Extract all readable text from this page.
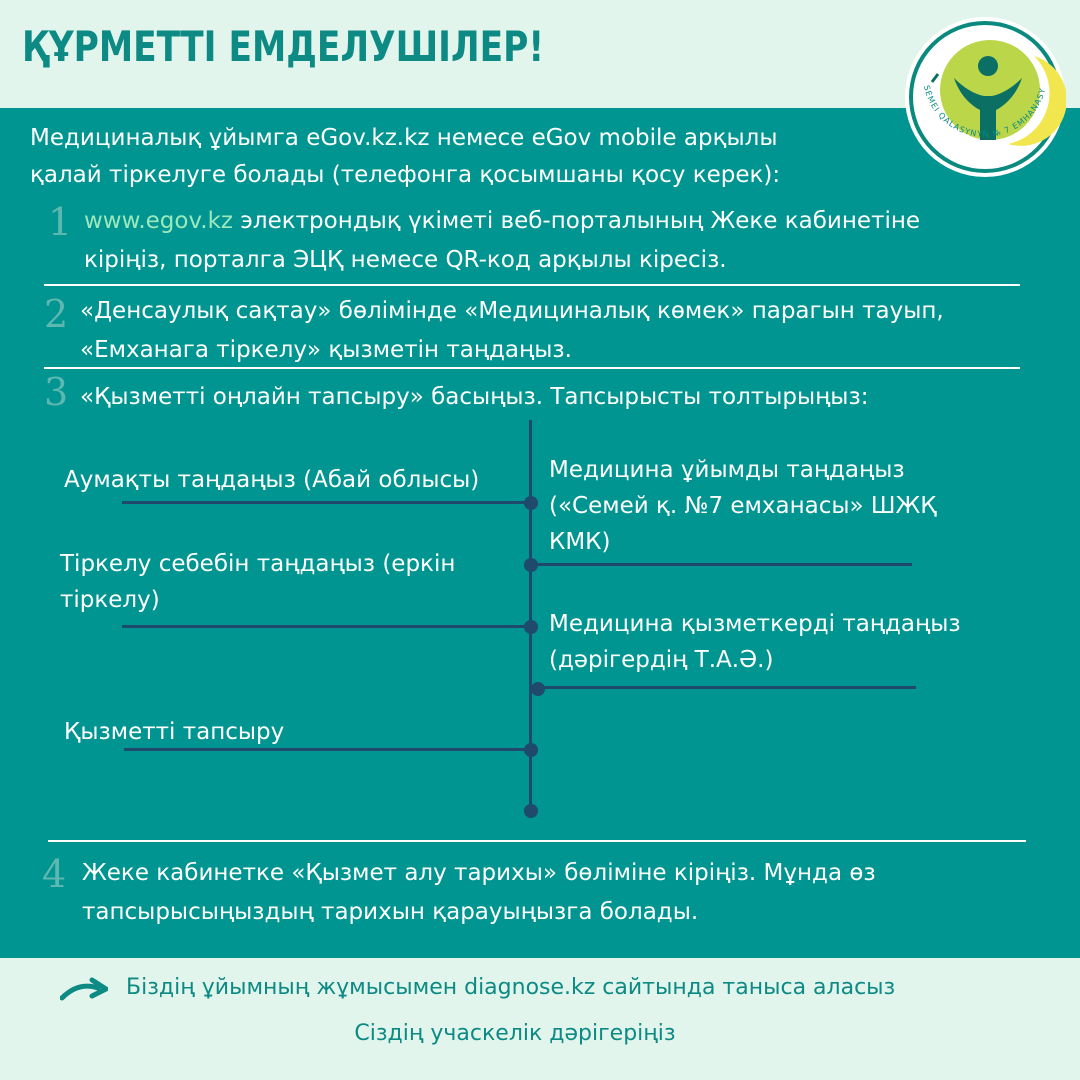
ҚҰРМЕТТІ ЕМДЕЛУШІЛЕР!
SEMEI QALASYNYŃ № 7 EMHANASY
Медициналық ұйымга eGov.kz.kz немесе eGov mobile арқылы
қалай тіркелуге болады (телефонга қосымшаны қосу керек):
1 www.egov.kz электрондық үкіметі веб-порталының Жеке кабинетіне
кіріңіз, порталга ЭЦҚ немесе QR-код арқылы кіресіз.
2 «Денсаулық сақтау» бөлімінде «Медициналық көмек» парагын тауып,
«Емханага тіркелу» қызметін таңдаңыз.
3 «Қызметті оңлайн тапсыру» басыңыз. Тапсырысты толтырыңыз:
Аумақты таңдаңыз (Абай облысы)	Медицина ұйымды таңдаңыз
(«Семей қ. №7 емханасы» ШЖҚ
КМК)
Тіркелу себебін таңдаңыз (еркін
тіркелу)
Медицина қызметкерді таңдаңыз
(дәрігердің Т.А.Ә.)
Қызметті тапсыру
4 Жеке кабинетке «Қызмет алу тарихы» бөліміне кіріңіз. Мұнда өз
тапсырысыңыздың тарихын қарауыңызга болады.
Біздің ұйымның жұмысымен diagnose.kz сайтында таныса аласыз
Сіздің учаскелік дәрігеріңіз
